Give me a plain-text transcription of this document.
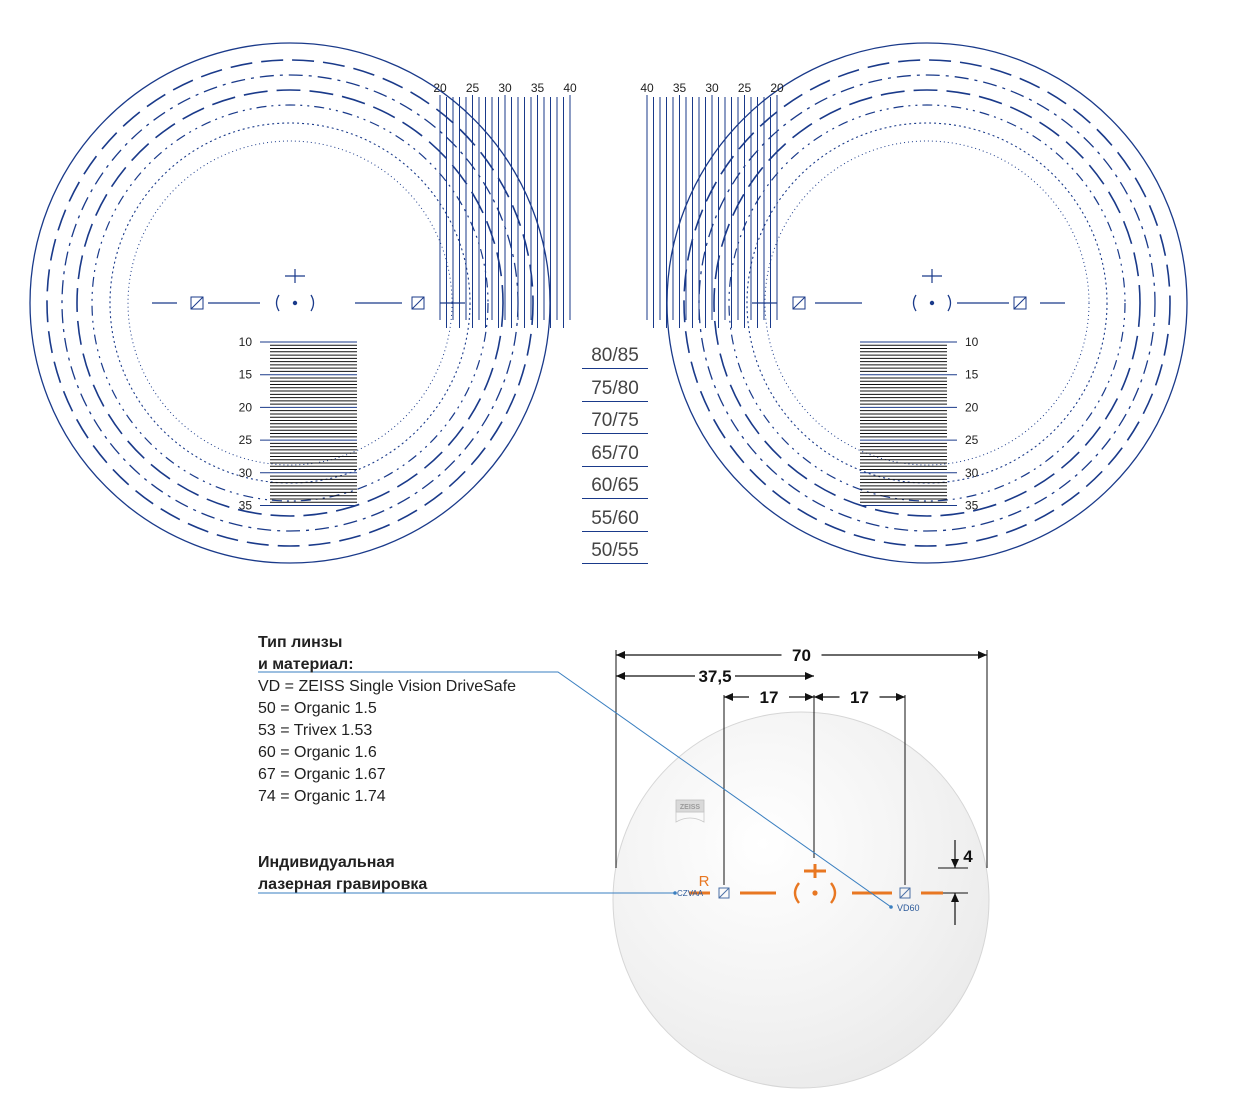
20 25 30 35 40
10
15
20
25
30
35
20
25
30
35
40
10
15
20
25
30
35
ZEISS
70
37,5
17	17
4
R
CZVAA
VD60
80/85
75/80
70/75
65/70
60/65
55/60
50/55
Тип линзы
и материал:
VD = ZEISS Single Vision DriveSafe
50 = Organic 1.5
53 = Trivex 1.53
60 = Organic 1.6
67 = Organic 1.67
74 = Organic 1.74
Индивидуальная
лазерная гравировка
